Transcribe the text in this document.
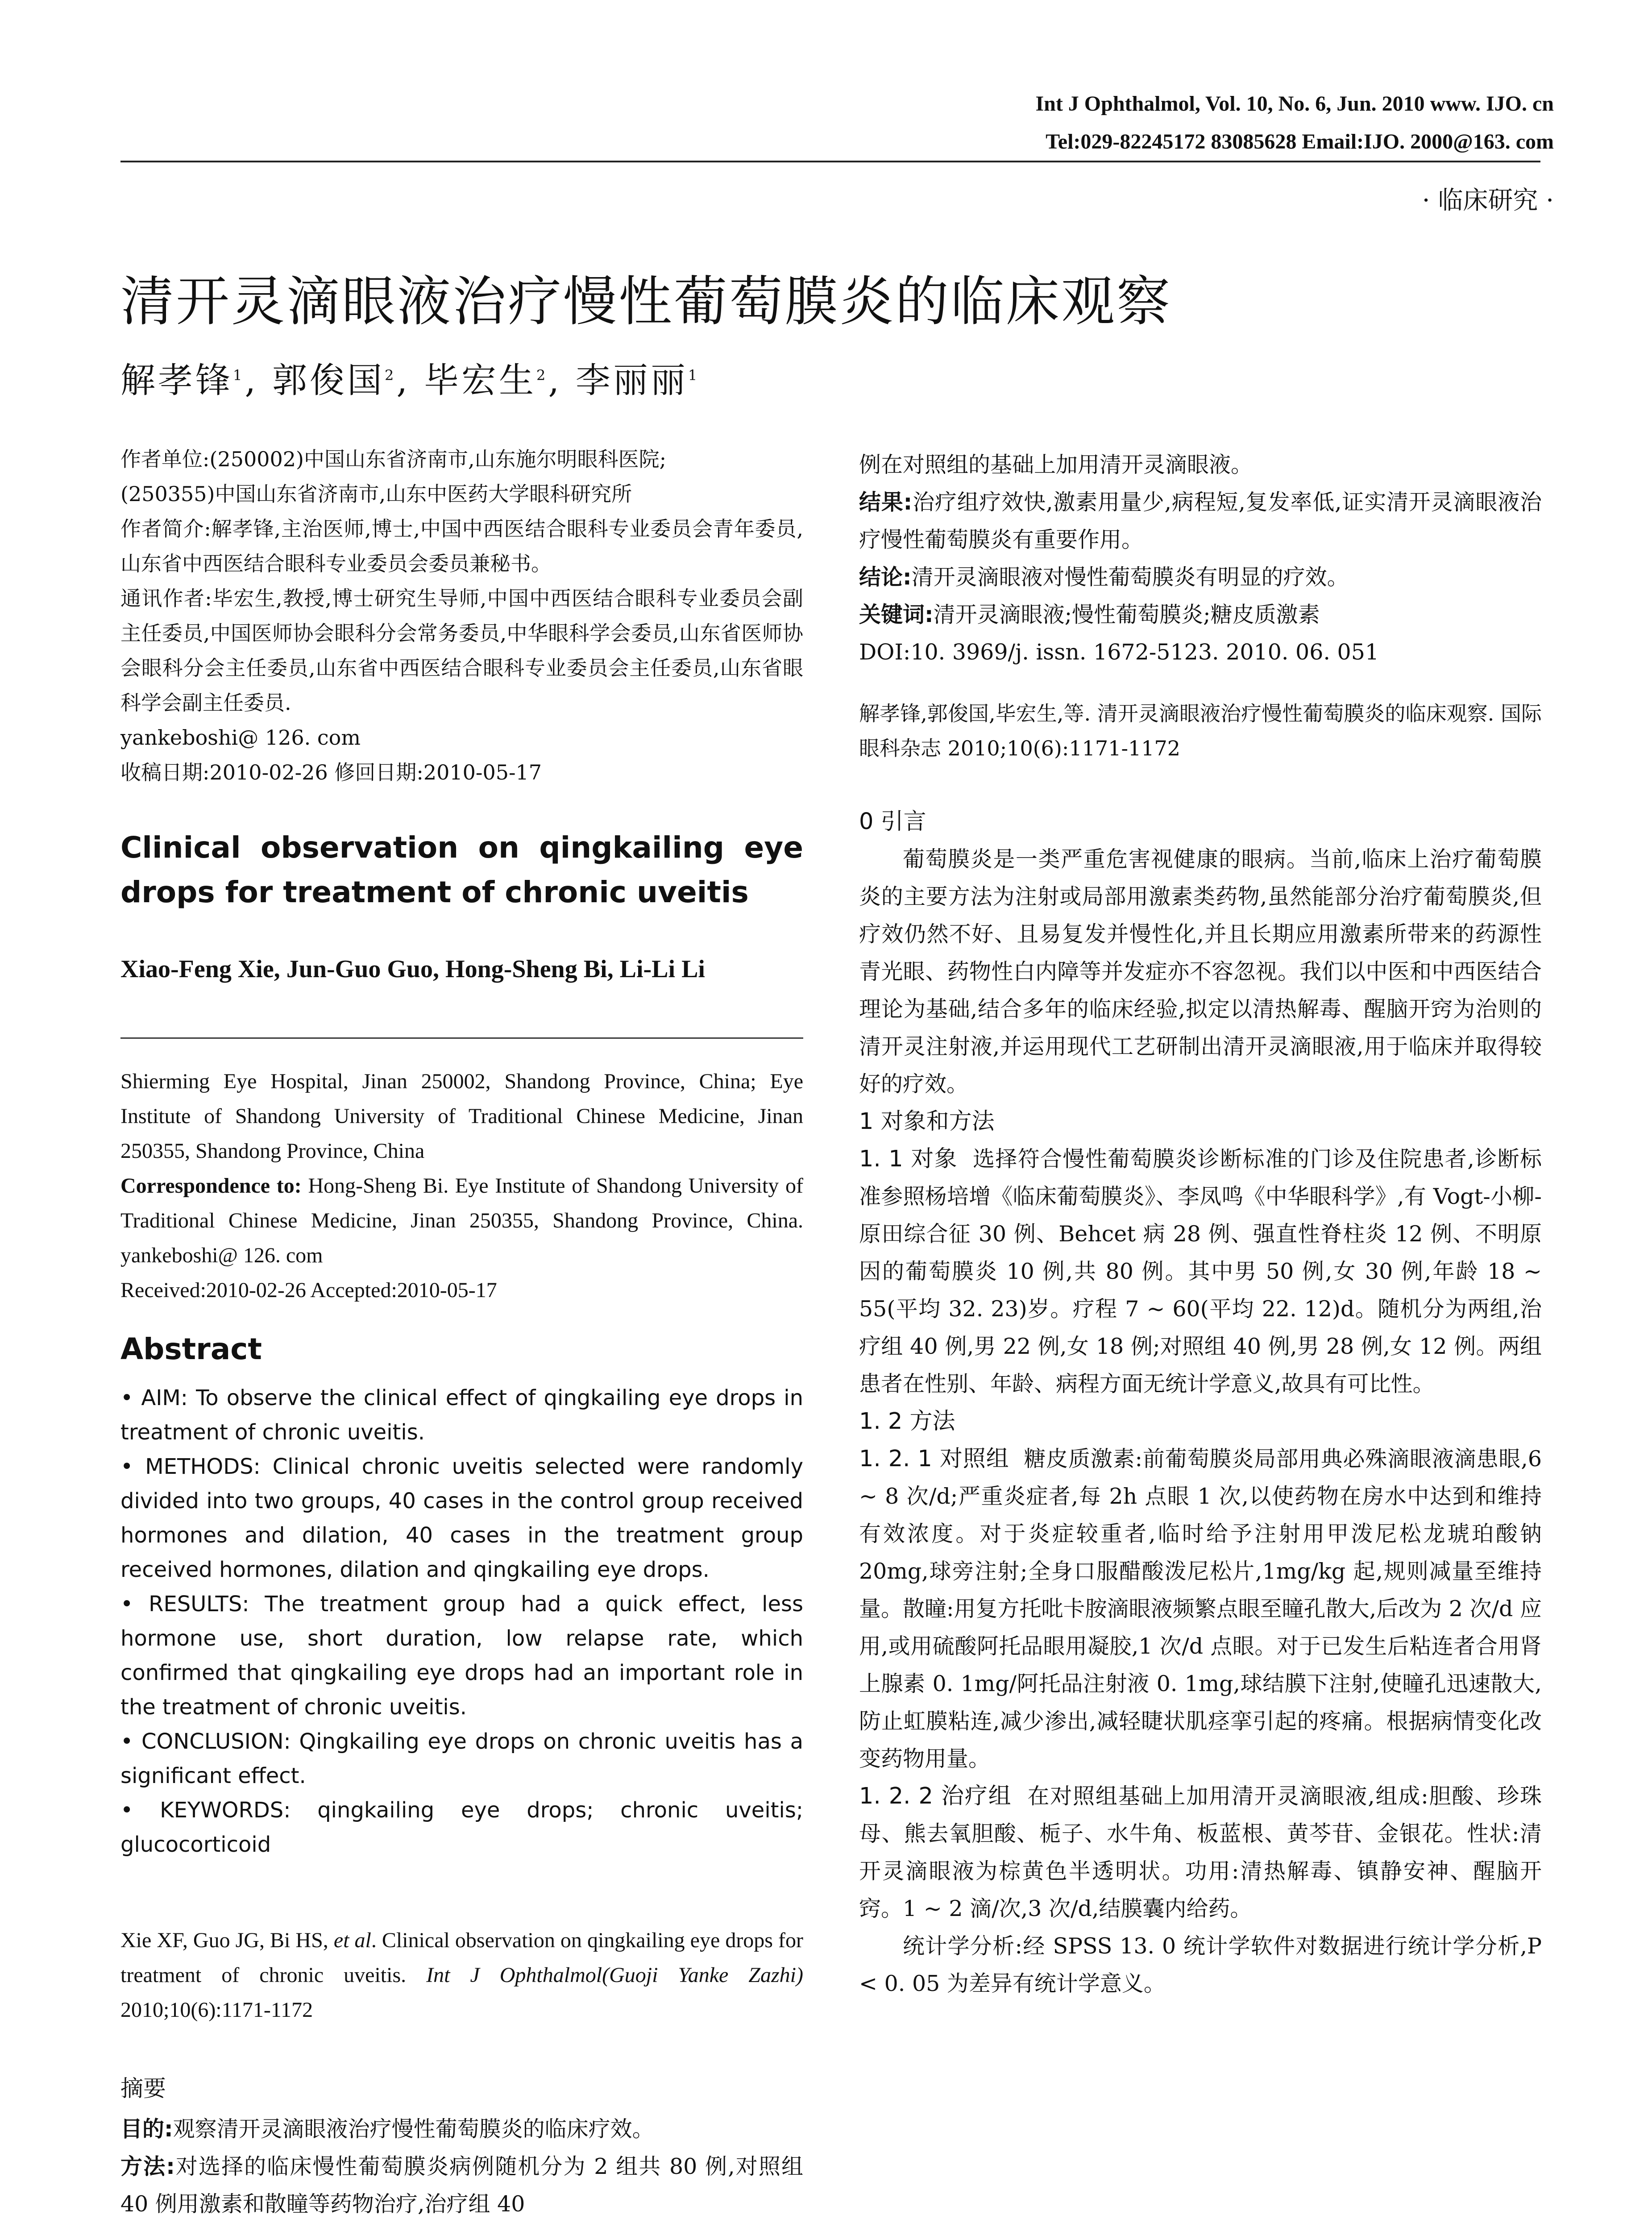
Int J Ophthalmol, Vol. 10, No. 6, Jun. 2010 www. IJO. cn
Tel:029-82245172 83085628 Email:IJO. 2000@163. com
· 临床研究 ·
清开灵滴眼液治疗慢性葡萄膜炎的临床观察
解孝锋$^1$, 郭俊国$^2$, 毕宏生$^2$, 李丽丽$^1$

作者单位:(250002)中国山东省济南市,山东施尔明眼科医院;

(250355)中国山东省济南市,山东中医药大学眼科研究所

作者简介:解孝锋,主治医师,博士,中国中西医结合眼科专业委员会青年委员,山东省中西医结合眼科专业委员会委员兼秘书。

通讯作者:毕宏生,教授,博士研究生导师,中国中西医结合眼科专业委员会副主任委员,中国医师协会眼科分会常务委员,中华眼科学会委员,山东省医师协会眼科分会主任委员,山东省中西医结合眼科专业委员会主任委员,山东省眼科学会副主任委员.

yankeboshi@ 126. com

收稿日期:2010-02-26 修回日期:2010-05-17

Clinical observation on qingkailing eye drops for treatment of chronic uveitis
Xiao-Feng Xie, Jun-Guo Guo, Hong-Sheng Bi, Li-Li Li

Shierming Eye Hospital, Jinan 250002, Shandong Province, China; Eye Institute of Shandong University of Traditional Chinese Medicine, Jinan 250355, Shandong Province, China

Correspondence to: Hong-Sheng Bi. Eye Institute of Shandong University of Traditional Chinese Medicine, Jinan 250355, Shandong Province, China. yankeboshi@ 126. com

Received:2010-02-26 Accepted:2010-05-17

Abstract

• AIM: To observe the clinical effect of qingkailing eye drops in treatment of chronic uveitis.

• METHODS: Clinical chronic uveitis selected were randomly divided into two groups, 40 cases in the control group received hormones and dilation, 40 cases in the treatment group received hormones, dilation and qingkailing eye drops.

• RESULTS: The treatment group had a quick effect, less hormone use, short duration, low relapse rate, which confirmed that qingkailing eye drops had an important role in the treatment of chronic uveitis.

• CONCLUSION: Qingkailing eye drops on chronic uveitis has a significant effect.

• KEYWORDS: qingkailing eye drops; chronic uveitis; glucocorticoid

Xie XF, Guo JG, Bi HS, et al. Clinical observation on qingkailing eye drops for treatment of chronic uveitis. Int J Ophthalmol(Guoji Yanke Zazhi) 2010;10(6):1171-1172
摘要

目的:观察清开灵滴眼液治疗慢性葡萄膜炎的临床疗效。

方法:对选择的临床慢性葡萄膜炎病例随机分为 2 组共 80 例,对照组 40 例用激素和散瞳等药物治疗,治疗组 40

例在对照组的基础上加用清开灵滴眼液。

结果:治疗组疗效快,激素用量少,病程短,复发率低,证实清开灵滴眼液治疗慢性葡萄膜炎有重要作用。

结论:清开灵滴眼液对慢性葡萄膜炎有明显的疗效。

关键词:清开灵滴眼液;慢性葡萄膜炎;糖皮质激素

DOI:10. 3969/j. issn. 1672-5123. 2010. 06. 051

解孝锋,郭俊国,毕宏生,等. 清开灵滴眼液治疗慢性葡萄膜炎的临床观察. 国际眼科杂志 2010;10(6):1171-1172
0 引言

葡萄膜炎是一类严重危害视健康的眼病。当前,临床上治疗葡萄膜炎的主要方法为注射或局部用激素类药物,虽然能部分治疗葡萄膜炎,但疗效仍然不好、且易复发并慢性化,并且长期应用激素所带来的药源性青光眼、药物性白内障等并发症亦不容忽视。我们以中医和中西医结合理论为基础,结合多年的临床经验,拟定以清热解毒、醒脑开窍为治则的清开灵注射液,并运用现代工艺研制出清开灵滴眼液,用于临床并取得较好的疗效。

1 对象和方法

1. 1 对象 选择符合慢性葡萄膜炎诊断标准的门诊及住院患者,诊断标准参照杨培增《临床葡萄膜炎》、李凤鸣《中华眼科学》,有 Vogt-小柳-原田综合征 30 例、Behcet 病 28 例、强直性脊柱炎 12 例、不明原因的葡萄膜炎 10 例,共 80 例。其中男 50 例,女 30 例,年龄 18 ~ 55(平均 32. 23)岁。疗程 7 ~ 60(平均 22. 12)d。随机分为两组,治疗组 40 例,男 22 例,女 18 例;对照组 40 例,男 28 例,女 12 例。两组患者在性别、年龄、病程方面无统计学意义,故具有可比性。

1. 2 方法

1. 2. 1 对照组 糖皮质激素:前葡萄膜炎局部用典必殊滴眼液滴患眼,6 ~ 8 次/d;严重炎症者,每 2h 点眼 1 次,以使药物在房水中达到和维持有效浓度。对于炎症较重者,临时给予注射用甲泼尼松龙琥珀酸钠 20mg,球旁注射;全身口服醋酸泼尼松片,1mg/kg 起,规则减量至维持量。散瞳:用复方托吡卡胺滴眼液频繁点眼至瞳孔散大,后改为 2 次/d 应用,或用硫酸阿托品眼用凝胶,1 次/d 点眼。对于已发生后粘连者合用肾上腺素 0. 1mg/阿托品注射液 0. 1mg,球结膜下注射,使瞳孔迅速散大,防止虹膜粘连,减少渗出,减轻睫状肌痉挛引起的疼痛。根据病情变化改变药物用量。

1. 2. 2 治疗组 在对照组基础上加用清开灵滴眼液,组成:胆酸、珍珠母、熊去氧胆酸、栀子、水牛角、板蓝根、黄芩苷、金银花。性状:清开灵滴眼液为棕黄色半透明状。功用:清热解毒、镇静安神、醒脑开窍。1 ~ 2 滴/次,3 次/d,结膜囊内给药。

统计学分析:经 SPSS 13. 0 统计学软件对数据进行统计学分析,P < 0. 05 为差异有统计学意义。
